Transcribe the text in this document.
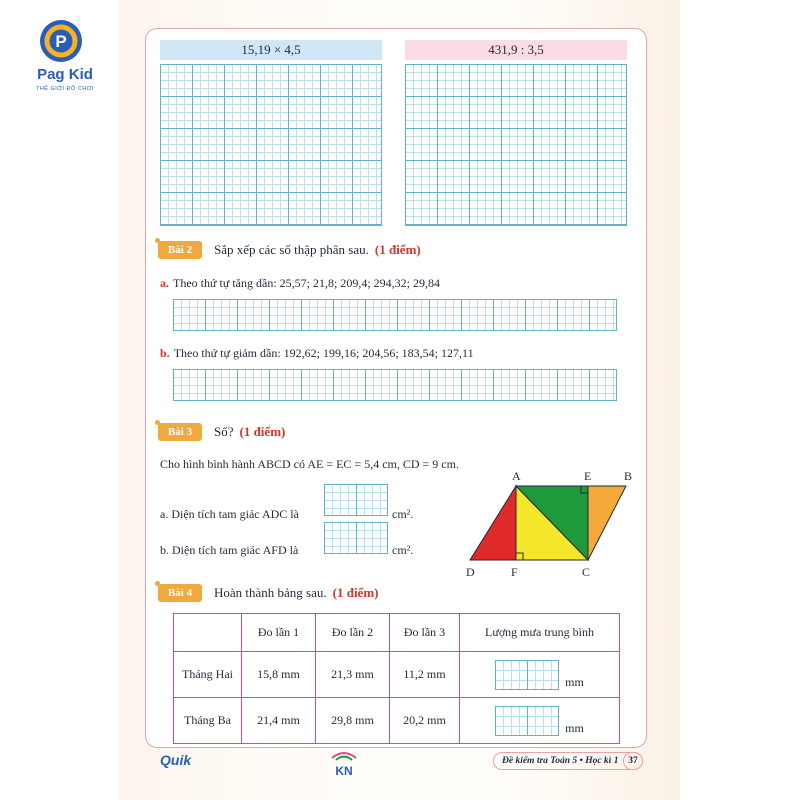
P
Pag Kid
THẾ GIỚI ĐỒ CHƠI
15,19 × 4,5	431,9 : 3,5
Bài 2	Sắp xếp các số thập phân sau. (1 điểm)
a. Theo thứ tự tăng dần: 25,57; 21,8; 209,4; 294,32; 29,84
b. Theo thứ tự giảm dần: 192,62; 199,16; 204,56; 183,54; 127,11
Bài 3	Số? (1 điểm)
Cho hình bình hành ABCD có AE = EC = 5,4 cm, CD = 9 cm.
a. Diện tích tam giác ADC là	cm².
b. Diện tích tam giác AFD là	cm².
A	E	B
D	F	C
Bài 4	Hoàn thành bảng sau. (1 điểm)
	Đo lần 1	Đo lần 2	Đo lần 3	Lượng mưa trung bình
Tháng Hai	15,8 mm	21,3 mm	11,2 mm	mm
Tháng Ba	21,4 mm	29,8 mm	20,2 mm	mm
Quik
KN
Đề kiểm tra Toán 5 • Học kì 1	37
